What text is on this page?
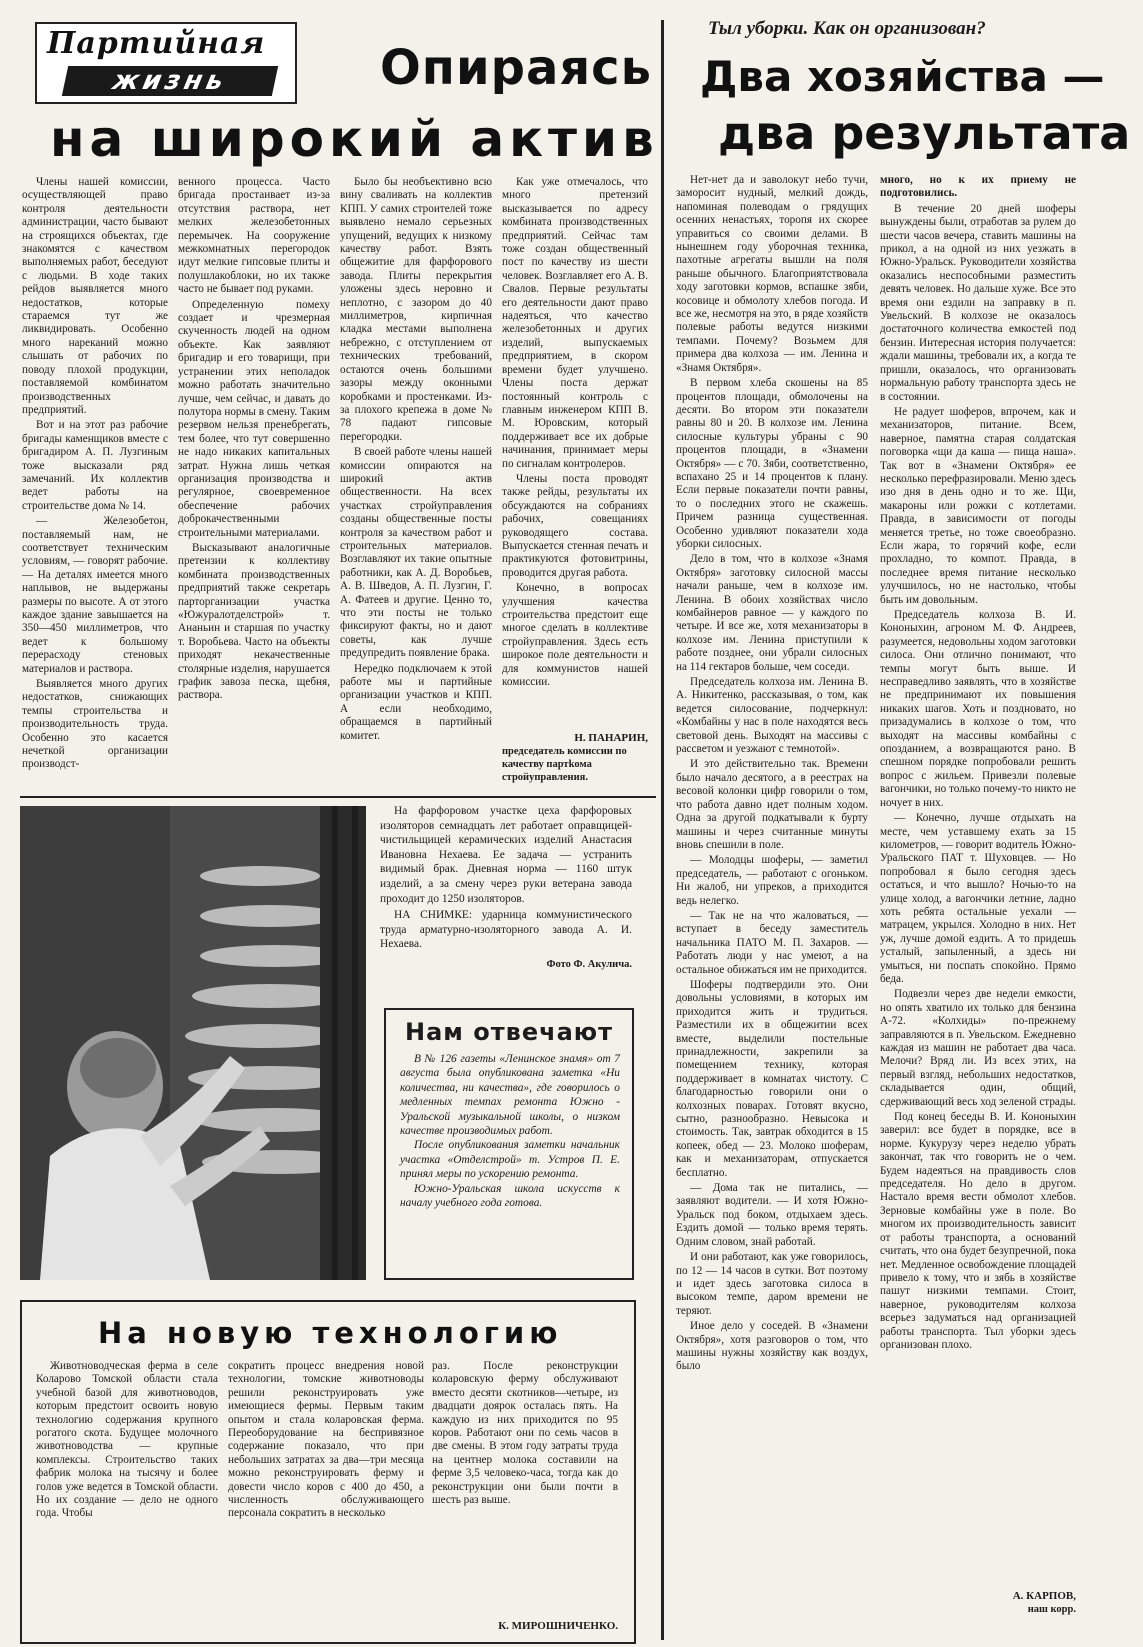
Партийная
жизнь	Опираясь
на широкий актив

Члены нашей комиссии, осуществляющей право контроля деятельности администрации, часто бывают на строящихся объектах, где знакомятся с качеством выполняемых работ, беседуют с людьми. В ходе таких рейдов выявляется много недостатков, которые стараемся тут же ликвидировать. Особенно много нареканий можно слышать от рабочих по поводу плохой продукции, поставляемой комбинатом производственных предприятий.

Вот и на этот раз рабочие бригады каменщиков вместе с бригадиром А. П. Лузгиным тоже высказали ряд замечаний. Их коллектив ведет работы на строительстве дома № 14.

— Железобетон, поставляемый нам, не соответствует техническим условиям, — говорят рабочие. — На деталях имеется много наплывов, не выдержаны размеры по высоте. А от этого каждое здание завышается на 350—450 миллиметров, что ведет к большому перерасходу стеновых материалов и раствора.

Выявляется много других недостатков, снижающих темпы строительства и производительность труда. Особенно это касается нечеткой организации производст-

венного процесса. Часто бригада простаивает из-за отсутствия раствора, нет мелких железобетонных перемычек. На сооружение межкомнатных перегородок идут мелкие гипсовые плиты и полушлакоблоки, но их также часто не бывает под руками.

Определенную помеху создает и чрезмерная скученность людей на одном объекте. Как заявляют бригадир и его товарищи, при устранении этих неполадок можно работать значительно лучше, чем сейчас, и давать до полутора нормы в смену. Таким резервом нельзя пренебрегать, тем более, что тут совершенно не надо никаких капитальных затрат. Нужна лишь четкая организация производства и регулярное, своевременное обеспечение рабочих доброкачественными строительными материалами.

Высказывают аналогичные претензии к коллективу комбината производственных предприятий также секретарь парторганизации участка «Южуралотделстрой» т. Ананьин и старшая по участку т. Воробьева. Часто на объекты приходят некачественные столярные изделия, нарушается график завоза песка, щебня, раствора.

Было бы необъективно всю вину сваливать на коллектив КПП. У самих строителей тоже выявлено немало серьезных упущений, ведущих к низкому качеству работ. Взять общежитие для фарфорового завода. Плиты перекрытия уложены здесь неровно и неплотно, с зазором до 40 миллиметров, кирпичная кладка местами выполнена небрежно, с отступлением от технических требований, остаются очень большими зазоры между оконными коробками и простенками. Из-за плохого крепежа в доме № 78 падают гипсовые перегородки.

В своей работе члены нашей комиссии опираются на широкий актив общественности. На всех участках стройуправления созданы общественные посты контроля за качеством работ и строительных материалов. Возглавляют их такие опытные работники, как А. Д. Воробьев, А. В. Шведов, А. П. Лузгин, Г. А. Фатеев и другие. Ценно то, что эти посты не только фиксируют факты, но и дают советы, как лучше предупредить появление брака.

Нередко подключаем к этой работе мы и партийные организации участков и КПП. А если необходимо, обращаемся в партийный комитет.

Как уже отмечалось, что много претензий высказывается по адресу комбината производственных предприятий. Сейчас там тоже создан общественный пост по качеству из шести человек. Возглавляет его А. В. Свалов. Первые результаты его деятельности дают право надеяться, что качество железобетонных и других изделий, выпускаемых предприятием, в скором времени будет улучшено. Члены поста держат постоянный контроль с главным инженером КПП В. М. Юровским, который поддерживает все их добрые начинания, принимает меры по сигналам контролеров.

Члены поста проводят также рейды, результаты их обсуждаются на собраниях рабочих, совещаниях руководящего состава. Выпускается стенная печать и практикуются фотовитрины, проводится другая работа.

Конечно, в вопросах улучшения качества строительства предстоит еще многое сделать в коллективе стройуправления. Здесь есть широкое поле деятельности и для коммунистов нашей комиссии.

Н. ПАНАРИН,
председатель комиссии по качеству партkома стройуправления.
На фарфоровом участке цеха фарфоровых изоляторов семнадцать лет работает оправщицей-чистильщицей керамических изделий Анастасия Ивановна Нехаева. Ее задача — устранить видимый брак. Дневная норма — 1160 штук изделий, а за смену через руки ветерана завода проходит до 1250 изоляторов.
НА СНИМКЕ: ударница коммунистического труда арматурно-изоляторного завода А. И. Нехаева.
Фото Ф. Акулича.
Нам отвечают

В № 126 газеты «Ленинское знамя» от 7 августа была опубликована заметка «Ни количества, ни качества», где говорилось о медленных темпах ремонта Южно - Уральской музыкальной школы, о низком качестве производимых работ.

После опубликования заметки начальник участка «Отделстрой» т. Устров П. Е. принял меры по ускорению ремонта.

Южно-Уральская школа искусств к началу учебного года готова.

На новую технологию

Животноводческая ферма в селе Коларово Томской области стала учебной базой для животноводов, которым предстоит освоить новую технологию содержания крупного рогатого скота. Будущее молочного животноводства — крупные комплексы. Строительство таких фабрик молока на тысячу и более голов уже ведется в Томской области. Но их создание — дело не одного года. Чтобы

сократить процесс внедрения новой технологии, томские животноводы решили реконструировать уже имеющиеся фермы. Первым таким опытом и стала коларовская ферма. Переоборудование на беспривязное содержание показало, что при небольших затратах за два—три месяца можно реконструировать ферму и довести число коров с 400 до 450, а численность обслуживающего персонала сократить в несколько

раз. После реконструкции коларовскую ферму обслуживают вместо десяти скотников—четыре, из двадцати доярок осталась пять. На каждую из них приходится по 95 коров. Работают они по семь часов в две смены. В этом году затраты труда на центнер молока составили на ферме 3,5 человеко-часа, тогда как до реконструкции они были почти в шесть раз выше.

К. МИРОШНИЧЕНКО.
Тыл уборки. Как он организован?
Два хозяйства —
два результата

Нет-нет да и заволокут небо тучи, заморосит нудный, мелкий дождь, напоминая полеводам о грядущих осенних ненастьях, торопя их скорее управиться со своими делами. В нынешнем году уборочная техника, пахотные агрегаты вышли на поля раньше обычного. Благоприятствовала ходу заготовки кормов, вспашке зяби, косовице и обмолоту хлебов погода. И все же, несмотря на это, в ряде хозяйств полевые работы ведутся низкими темпами. Почему? Возьмем для примера два колхоза — им. Ленина и «Знамя Октября».

В первом хлеба скошены на 85 процентов площади, обмолочены на десяти. Во втором эти показатели равны 80 и 20. В колхозе им. Ленина силосные культуры убраны с 90 процентов площади, в «Знамени Октября» — с 70. Зяби, соответственно, вспахано 25 и 14 процентов к плану. Если первые показатели почти равны, то о последних этого не скажешь. Причем разница существенная. Особенно удивляют показатели хода уборки силосных.

Дело в том, что в колхозе «Знамя Октября» заготовку силосной массы начали раньше, чем в колхозе им. Ленина. В обоих хозяйствах число комбайнеров равное — у каждого по четыре. И все же, хотя механизаторы в колхозе им. Ленина приступили к работе позднее, они убрали силосных на 114 гектаров больше, чем соседи.

Председатель колхоза им. Ленина В. А. Никитенко, рассказывая, о том, как ведется силосование, подчеркнул: «Комбайны у нас в поле находятся весь световой день. Выходят на массивы с рассветом и уезжают с темнотой».

И это действительно так. Времени было начало десятого, а в реестрах на весовой колонки цифр говорили о том, что работа давно идет полным ходом. Одна за другой подкатывали к бурту машины и через считанные минуты вновь спешили в поле.

— Молодцы шоферы, — заметил председатель, — работают с огоньком. Ни жалоб, ни упреков, а приходится ведь нелегко.

— Так не на что жаловаться, — вступает в беседу заместитель начальника ПАТО М. П. Захаров. — Работать люди у нас умеют, а на остальное обижаться им не приходится.

Шоферы подтвердили это. Они довольны условиями, в которых им приходится жить и трудиться. Разместили их в общежитии всех вместе, выделили постельные принадлежности, закрепили за помещением технику, которая поддерживает в комнатах чистоту. С благодарностью говорили они о колхозных поварах. Готовят вкусно, сытно, разнообразно. Невысока и стоимость. Так, завтрак обходится в 15 копеек, обед — 23. Молоко шоферам, как и механизаторам, отпускается бесплатно.

— Дома так не питались, — заявляют водители. — И хотя Южно-Уральск под боком, отдыхаем здесь. Ездить домой — только время терять. Одним словом, знай работай.

И они работают, как уже говорилось, по 12 — 14 часов в сутки. Вот поэтому и идет здесь заготовка силоса в высоком темпе, даром времени не теряют.

Иное дело у соседей. В «Знамени Октября», хотя разговоров о том, что машины нужны хозяйству как воздух, было

много, но к их приему не подготовились.

В течение 20 дней шоферы вынуждены были, отработав за рулем до шести часов вечера, ставить машины на прикол, а на одной из них уезжать в Южно-Уральск. Руководители хозяйства оказались неспособными разместить девять человек. Но дальше хуже. Все это время они ездили на заправку в п. Увельский. В колхозе не оказалось достаточного количества емкостей под бензин. Интересная история получается: ждали машины, требовали их, а когда те пришли, оказалось, что организовать нормальную работу транспорта здесь не в состоянии.

Не радует шоферов, впрочем, как и механизаторов, питание. Всем, наверное, памятна старая солдатская поговорка «щи да каша — пища наша». Так вот в «Знамени Октября» ее несколько перефразировали. Меню здесь изо дня в день одно и то же. Щи, макароны или рожки с котлетами. Правда, в зависимости от погоды меняется третье, но тоже своеобразно. Если жара, то горячий кофе, если прохладно, то компот. Правда, в последнее время питание несколько улучшилось, но не настолько, чтобы быть им довольным.

Председатель колхоза В. И. Кононыхин, агроном М. Ф. Андреев, разумеется, недовольны ходом заготовки силоса. Они отлично понимают, что темпы могут быть выше. И несправедливо заявлять, что в хозяйстве не предпринимают их повышения никаких шагов. Хоть и поздновато, но призадумались в колхозе о том, что выходят на массивы комбайны с опозданием, а возвращаются рано. В спешном порядке попробовали решить вопрос с жильем. Привезли полевые вагончики, но только почему-то никто не ночует в них.

— Конечно, лучше отдыхать на месте, чем уставшему ехать за 15 километров, — говорит водитель Южно-Уральского ПАТ т. Шуховцев. — Но попробовал я было сегодня здесь остаться, и что вышло? Ночью-то на улице холод, а вагончики летние, ладно хоть ребята остальные уехали — матрацем, укрылся. Холодно в них. Нет уж, лучше домой ездить. А то придешь усталый, запыленный, а здесь ни умыться, ни поспать спокойно. Прямо беда.

Подвезли через две недели емкости, но опять хватило их только для бензина А-72. «Колхиды» по-прежнему заправляются в п. Увельском. Ежедневно каждая из машин не работает два часа. Мелочи? Вряд ли. Из всех этих, на первый взгляд, небольших недостатков, складывается один, общий, сдерживающий весь ход зеленой страды.

Под конец беседы В. И. Кононыхин заверил: все будет в порядке, все в норме. Кукурузу через неделю убрать закончат, так что говорить не о чем. Будем надеяться на правдивость слов председателя. Но дело в другом. Настало время вести обмолот хлебов. Зерновые комбайны уже в поле. Во многом их производительность зависит от работы транспорта, а оснований считать, что она будет безупречной, пока нет. Медленное освобождение площадей привело к тому, что и зябь в хозяйстве пашут низкими темпами. Стоит, наверное, руководителям колхоза всерьез задуматься над организацией работы транспорта. Тыл уборки здесь организован плохо.

А. КАРПОВ,
наш корр.
